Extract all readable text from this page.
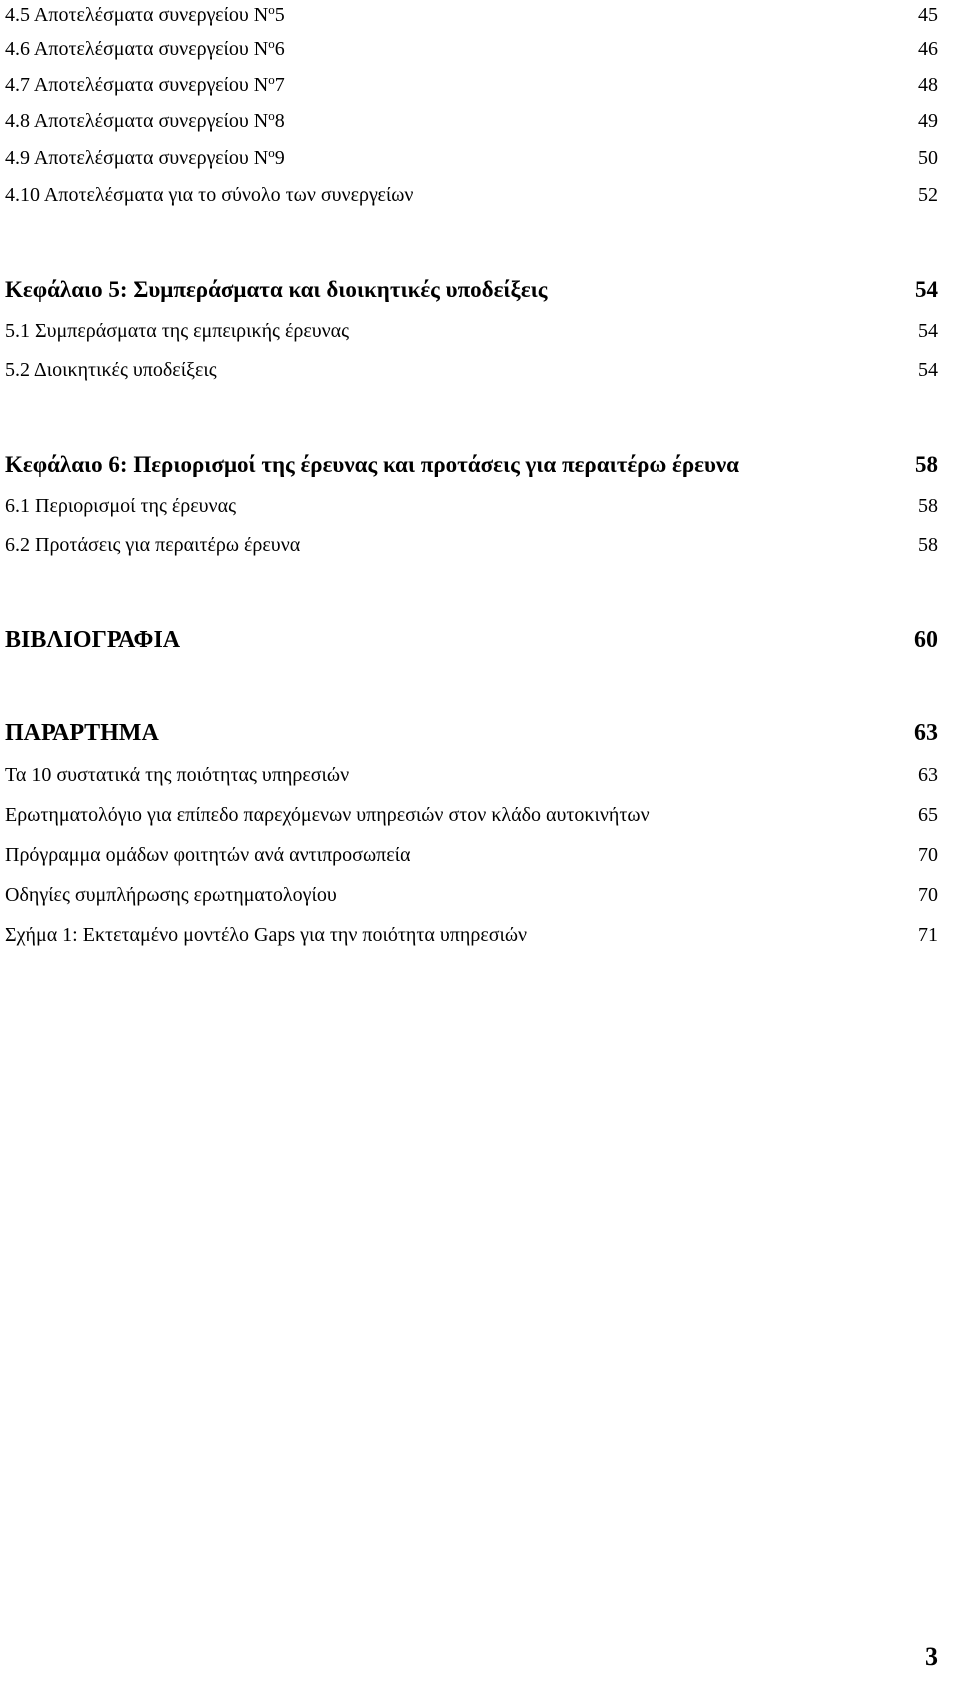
4.5 Αποτελέσματα συνεργείου $N^o5$	45
4.6 Αποτελέσματα συνεργείου $N^o6$	46
4.7 Αποτελέσματα συνεργείου $N^o7$	48
4.8 Αποτελέσματα συνεργείου $N^o8$	49
4.9 Αποτελέσματα συνεργείου $N^o9$	50
4.10 Αποτελέσματα για το σύνολο των συνεργείων	52
Κεφάλαιο 5: Συμπεράσματα και διοικητικές υποδείξεις	54
5.1 Συμπεράσματα της εμπειρικής έρευνας	54
5.2 Διοικητικές υποδείξεις	54
Κεφάλαιο 6: Περιορισμοί της έρευνας και προτάσεις για περαιτέρω έρευνα	58
6.1 Περιορισμοί της έρευνας	58
6.2 Προτάσεις για περαιτέρω έρευνα	58
ΒΙΒΛΙΟΓΡΑΦΙΑ	60
ΠΑΡΑΡΤΗΜΑ	63
Τα 10 συστατικά της ποιότητας υπηρεσιών	63
Ερωτηματολόγιο για επίπεδο παρεχόμενων υπηρεσιών στον κλάδο αυτοκινήτων	65
Πρόγραμμα ομάδων φοιτητών ανά αντιπροσωπεία	70
Οδηγίες συμπλήρωσης ερωτηματολογίου	70
Σχήμα 1: Εκτεταμένο μοντέλο Gaps για την ποιότητα υπηρεσιών	71
3
